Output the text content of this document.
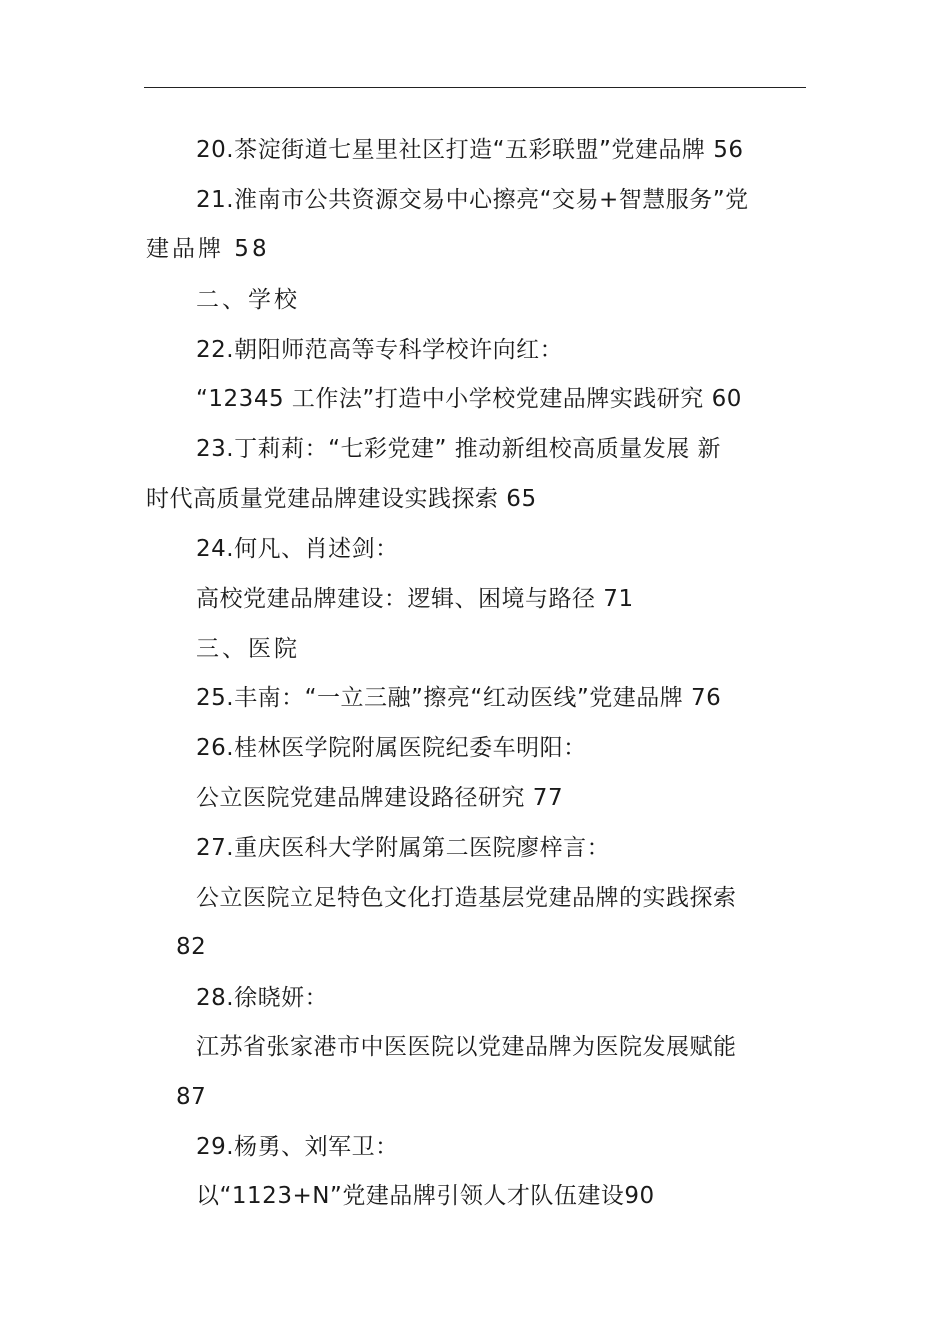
20.茶淀街道七星里社区打造“五彩联盟”党建品牌 56
21.淮南市公共资源交易中心擦亮“交易+智慧服务”党
建品牌 58
二、学校
22.朝阳师范高等专科学校许向红：
“12345 工作法”打造中小学校党建品牌实践研究 60
23.丁莉莉：“七彩党建” 推动新组校高质量发展 新
时代高质量党建品牌建设实践探索 65
24.何凡、肖述剑：
高校党建品牌建设：逻辑、困境与路径 71
三、医院
25.丰南：“一立三融”擦亮“红动医线”党建品牌 76
26.桂林医学院附属医院纪委车明阳：
公立医院党建品牌建设路径研究 77
27.重庆医科大学附属第二医院廖梓言：
公立医院立足特色文化打造基层党建品牌的实践探索
82
28.徐晓妍：
江苏省张家港市中医医院以党建品牌为医院发展赋能
87
29.杨勇、刘军卫：
以“1123+N”党建品牌引领人才队伍建设90
